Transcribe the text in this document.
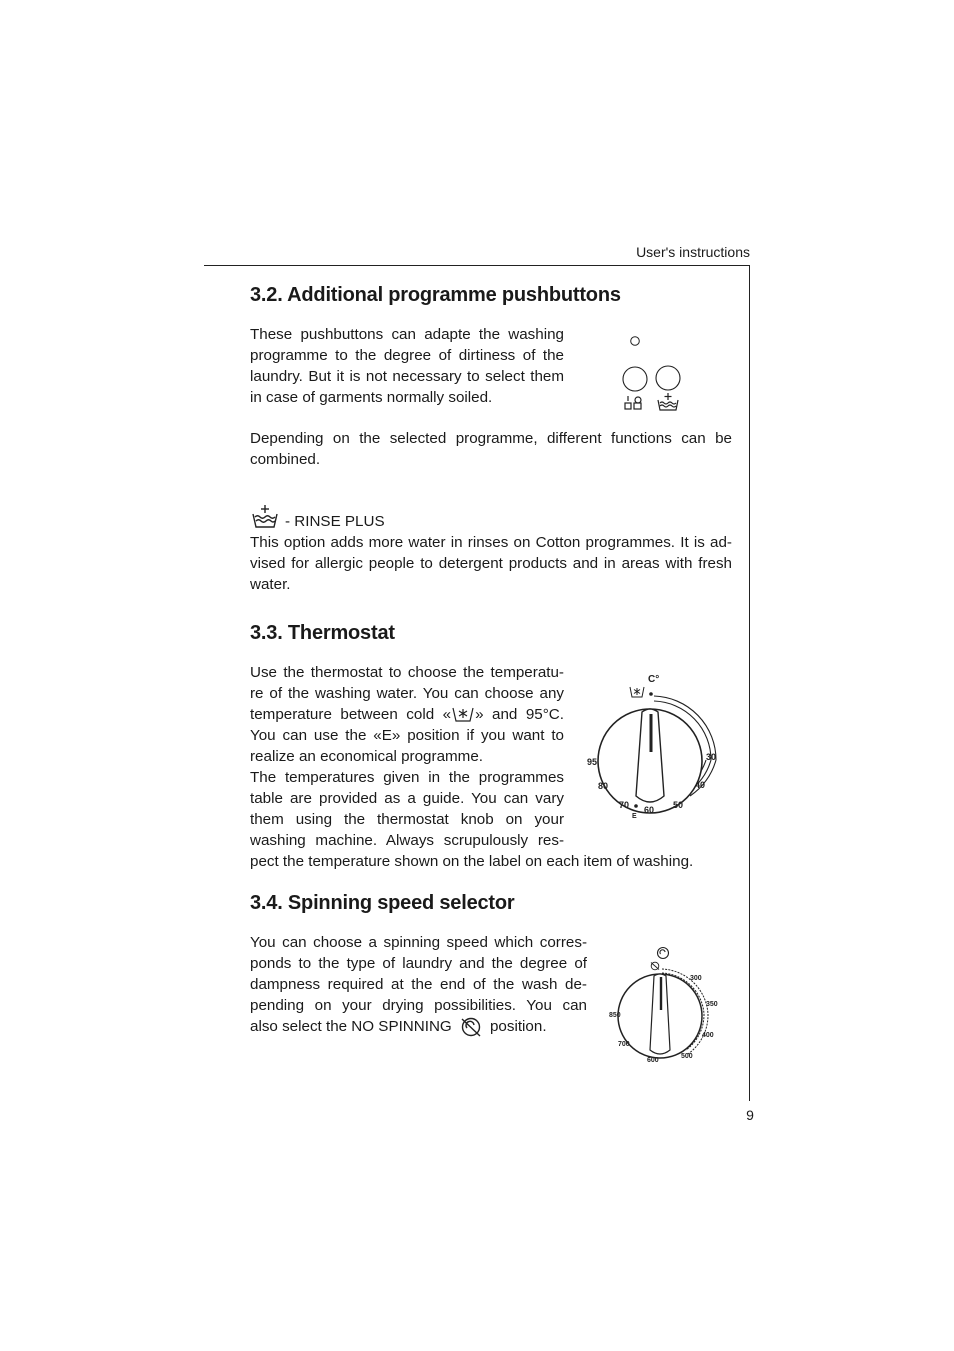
User's instructions
9
3.2. Additional programme pushbuttons
These pushbuttons can adapte the washing
programme to the degree of dirtiness of the
laundry. But it is not necessary to select them
in case of garments normally soiled.
Depending on the selected programme, different functions can be
combined.
- RINSE PLUS
This option adds more water in rinses on Cotton programmes. It is ad-
vised for allergic people to detergent products and in areas with fresh
water.
3.3. Thermostat
Use the thermostat to choose the temperatu-
re of the washing water. You can choose any
temperature between cold « » and 95°C.
You can use the «E» position if you want to
realize an economical programme.
The temperatures given in the programmes
table are provided as a guide. You can vary
them using the thermostat knob on your
washing machine. Always scrupulously res-
pect the temperature shown on the label on each item of washing.
C°
30
40
50
60
E
70
80
95
3.4. Spinning speed selector
You can choose a spinning speed which corres-
ponds to the type of laundry and the degree of
dampness required at the end of the wash de-
pending on your drying possibilities. You can
also select the NO SPINNING	position.
300
350
400
500
600
700
850
